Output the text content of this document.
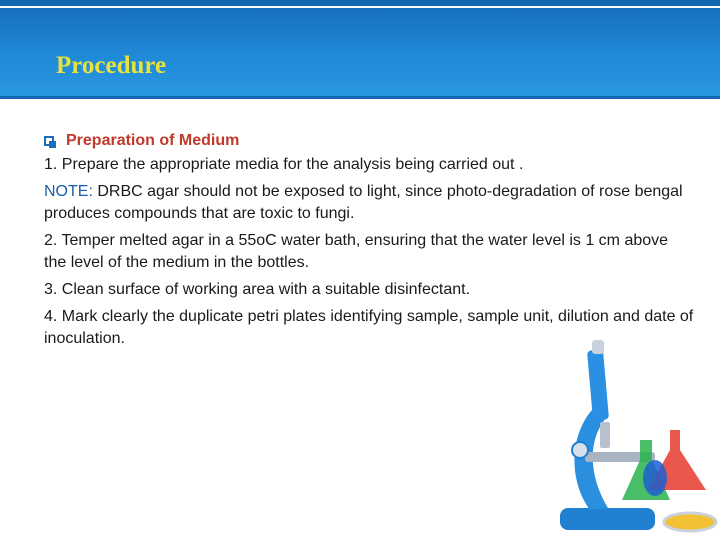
Procedure
Preparation of Medium

1. Prepare the appropriate media for the analysis being carried out .

NOTE: DRBC agar should not be exposed to light, since photo-degradation of rose bengal produces compounds that are toxic to fungi.

2. Temper melted agar in a 55oC water bath, ensuring that the water level is 1 cm above the level of the medium in the bottles.

3. Clean surface of working area with a suitable disinfectant.

4. Mark clearly the duplicate petri plates identifying sample, sample unit, dilution and date of inoculation.
